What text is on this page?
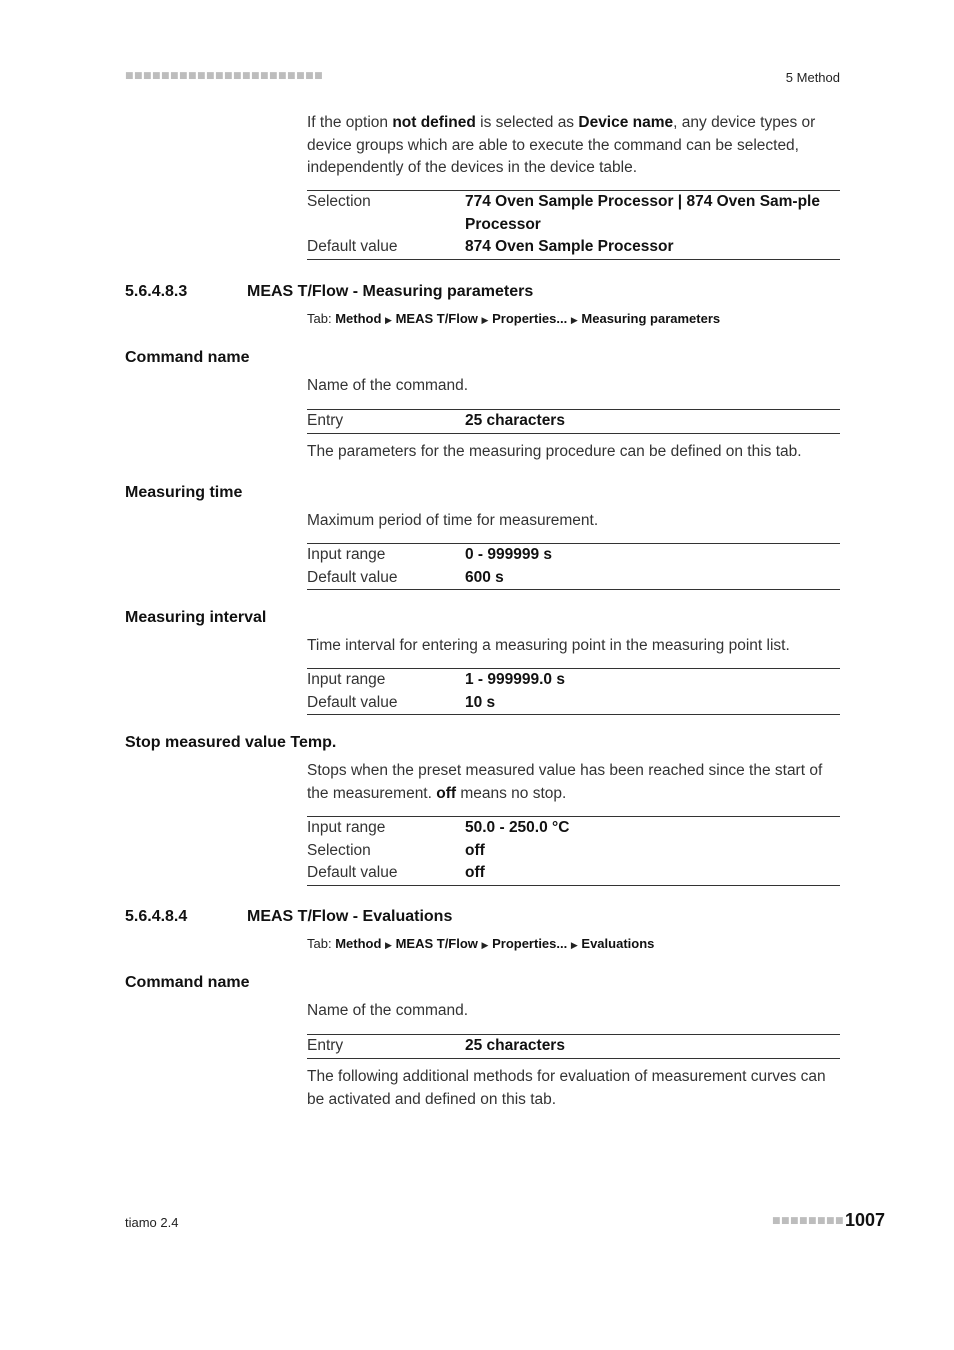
■■■■■■■■■■■■■■■■■■■■■■	5 Method
If the option not defined is selected as Device name, any device types or device groups which are able to execute the command can be selected, independently of the devices in the device table.
Selection	774 Oven Sample Processor | 874 Oven Sam-ple Processor
Default value	874 Oven Sample Processor
5.6.4.8.3	MEAS T/Flow - Measuring parameters
Tab: Method ▶ MEAS T/Flow ▶ Properties... ▶ Measuring parameters
Command name
Name of the command.
Entry	25 characters
The parameters for the measuring procedure can be defined on this tab.
Measuring time
Maximum period of time for measurement.
Input range	0 - 999999 s
Default value	600 s
Measuring interval
Time interval for entering a measuring point in the measuring point list.
Input range	1 - 999999.0 s
Default value	10 s
Stop measured value Temp.
Stops when the preset measured value has been reached since the start of the measurement. off means no stop.
Input range	50.0 - 250.0 °C
Selection	off
Default value	off
5.6.4.8.4	MEAS T/Flow - Evaluations
Tab: Method ▶ MEAS T/Flow ▶ Properties... ▶ Evaluations
Command name
Name of the command.
Entry	25 characters
The following additional methods for evaluation of measurement curves can be activated and defined on this tab.
tiamo 2.4	■■■■■■■■ 1007
